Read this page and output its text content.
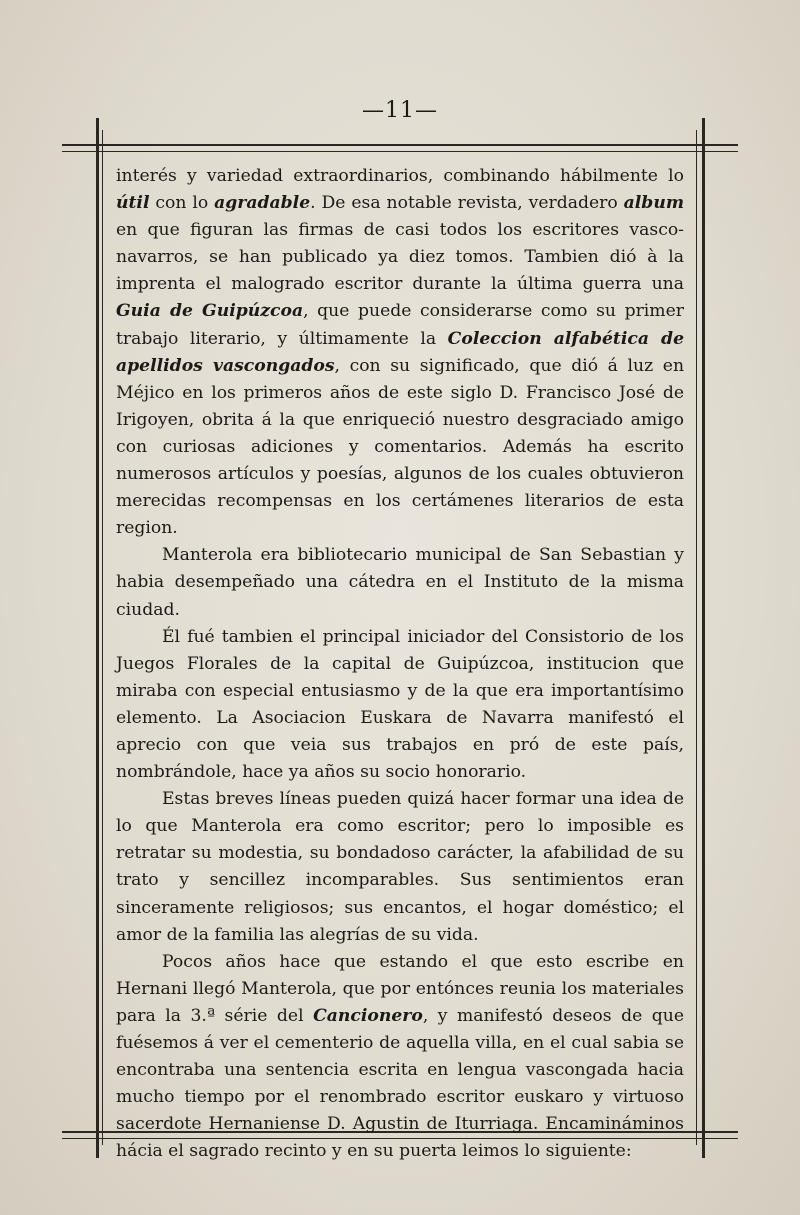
—11—

interés y variedad extraordinarios, combinando hábilmente lo útil con lo agradable. De esa notable revista, verdadero album en que figuran las firmas de casi todos los escritores vasco-navarros, se han publicado ya diez tomos. Tambien dió à la imprenta el malogrado escritor durante la última guerra una Guia de Guipúzcoa, que puede considerarse como su primer trabajo literario, y últimamente la Coleccion alfabética de apellidos vascongados, con su significado, que dió á luz en Méjico en los primeros años de este siglo D. Francisco José de Irigoyen, obrita á la que enriqueció nuestro desgraciado amigo con curiosas adiciones y comentarios. Además ha escrito numerosos artículos y poesías, algunos de los cuales obtuvieron merecidas recompensas en los certámenes literarios de esta region.

Manterola era bibliotecario municipal de San Sebastian y habia desempeñado una cátedra en el Instituto de la misma ciudad.

Él fué tambien el principal iniciador del Consistorio de los Juegos Florales de la capital de Guipúzcoa, institucion que miraba con especial entusiasmo y de la que era importantísimo elemento. La Asociacion Euskara de Navarra manifestó el aprecio con que veia sus trabajos en pró de este país, nombrándole, hace ya años su socio honorario.

Estas breves líneas pueden quizá hacer formar una idea de lo que Manterola era como escritor; pero lo imposible es retratar su modestia, su bondadoso carácter, la afabilidad de su trato y sencillez incomparables. Sus sentimientos eran sinceramente religiosos; sus encantos, el hogar doméstico; el amor de la familia las alegrías de su vida.

Pocos años hace que estando el que esto escribe en Hernani llegó Manterola, que por entónces reunia los materiales para la 3.ª série del Cancionero, y manifestó deseos de que fuésemos á ver el cementerio de aquella villa, en el cual sabia se encontraba una sentencia escrita en lengua vascongada hacia mucho tiempo por el renombrado escritor euskaro y virtuoso sacerdote Hernaniense D. Agustin de Iturriaga. Encamináminos hácia el sagrado recinto y en su puerta leimos lo siguiente:
